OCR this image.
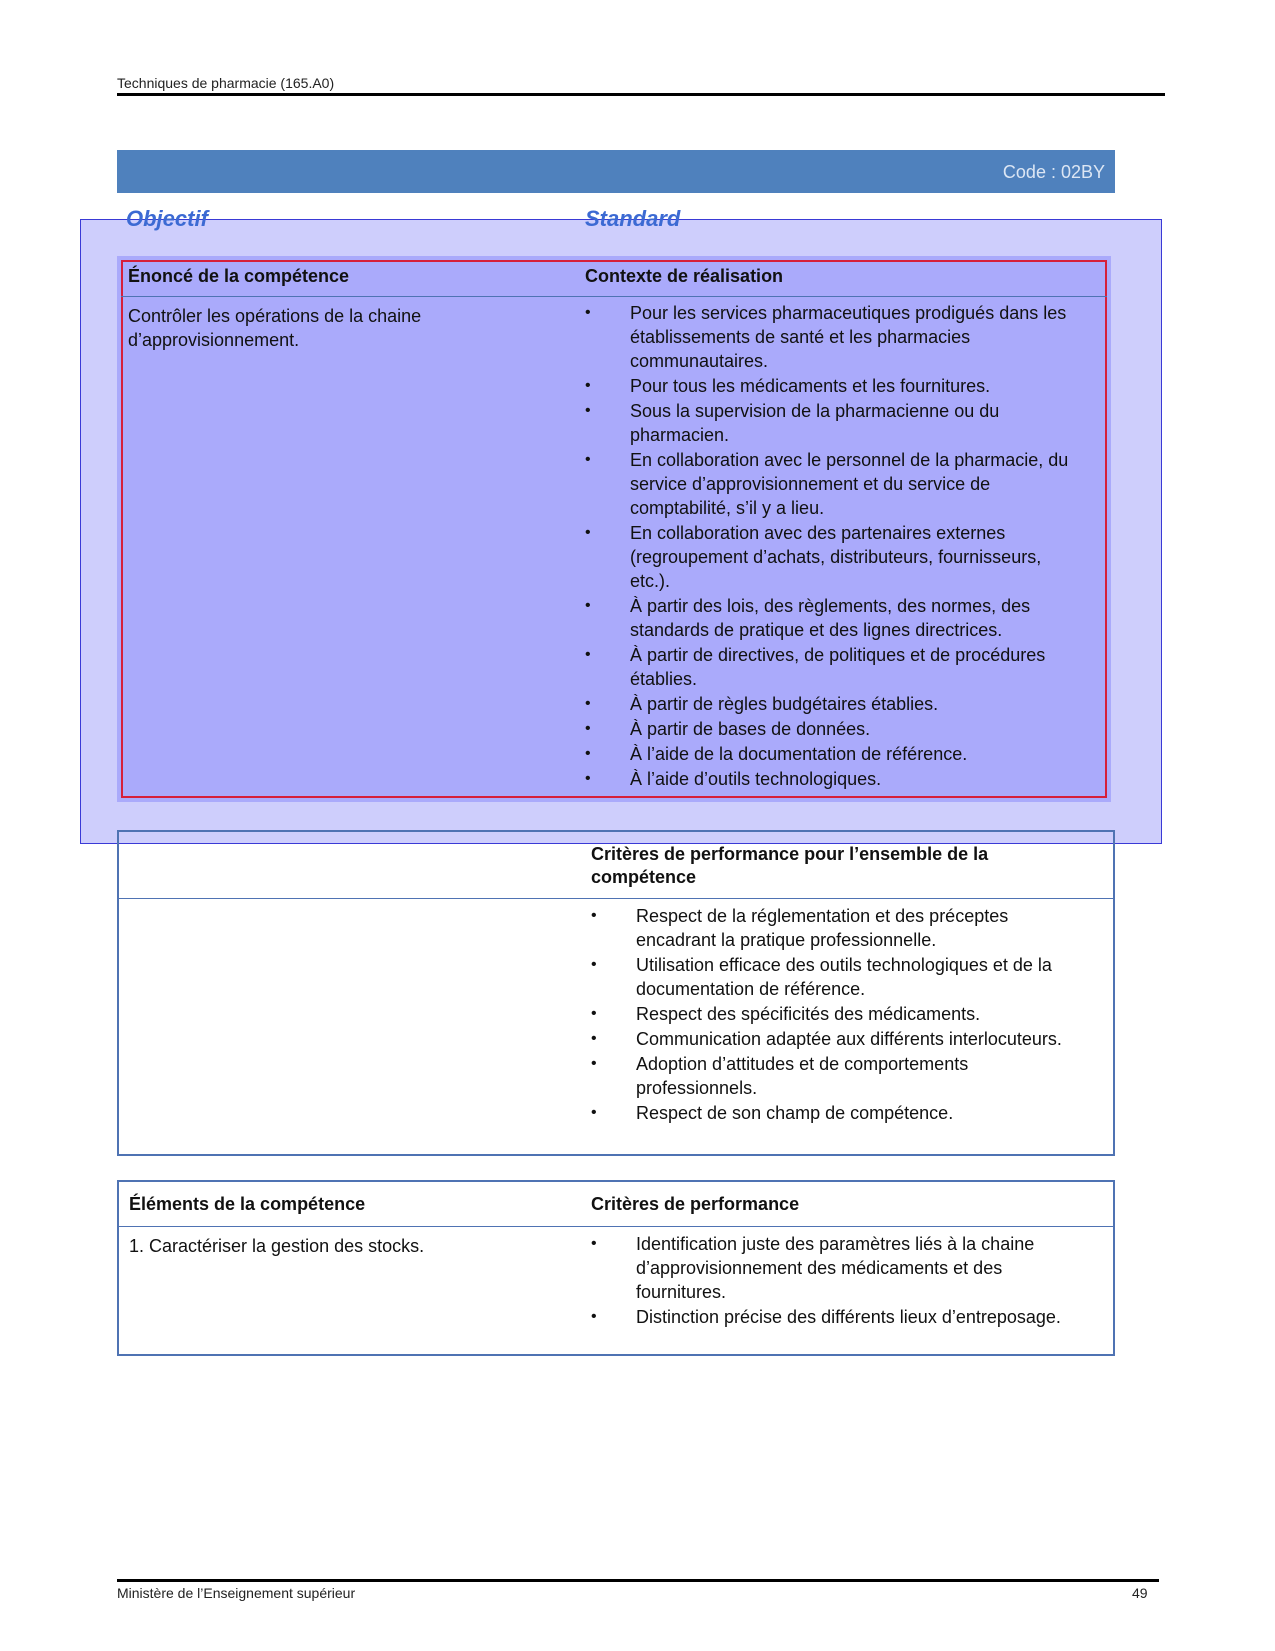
Techniques de pharmacie (165.A0)
Code : 02BY
Objectif	Standard
Énoncé de la compétence	Contexte de réalisation
Contrôler les opérations de la chaine d’approvisionnement.
• Pour les services pharmaceutiques prodigués dans les établissements de santé et les pharmacies communautaires.
• Pour tous les médicaments et les fournitures.
• Sous la supervision de la pharmacienne ou du pharmacien.
• En collaboration avec le personnel de la pharmacie, du service d’approvisionnement et du service de comptabilité, s’il y a lieu.
• En collaboration avec des partenaires externes (regroupement d’achats, distributeurs, fournisseurs, etc.).
• À partir des lois, des règlements, des normes, des standards de pratique et des lignes directrices.
• À partir de directives, de politiques et de procédures établies.
• À partir de règles budgétaires établies.
• À partir de bases de données.
• À l’aide de la documentation de référence.
• À l’aide d’outils technologiques.
Critères de performance pour l’ensemble de la compétence
• Respect de la réglementation et des préceptes encadrant la pratique professionnelle.
• Utilisation efficace des outils technologiques et de la documentation de référence.
• Respect des spécificités des médicaments.
• Communication adaptée aux différents interlocuteurs.
• Adoption d’attitudes et de comportements professionnels.
• Respect de son champ de compétence.
Éléments de la compétence	Critères de performance
1. Caractériser la gestion des stocks.
•	Identification juste des paramètres liés à la chaine d’approvisionnement des médicaments et des fournitures.
• Distinction précise des différents lieux d’entreposage.
Ministère de l’Enseignement supérieur	49
